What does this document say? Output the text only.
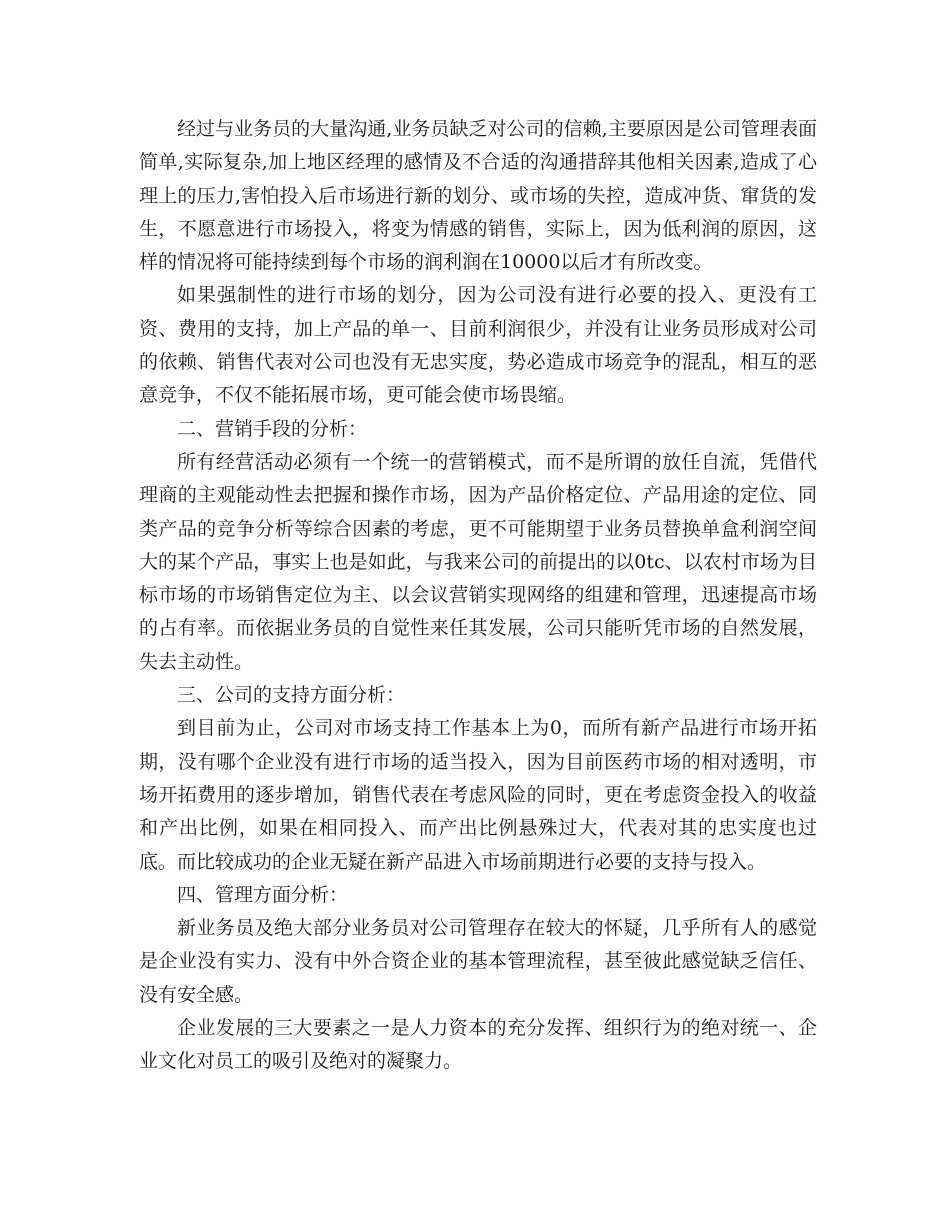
经过与业务员的大量沟通,业务员缺乏对公司的信赖,主要原因是公司管理表面简单,实际复杂,加上地区经理的感情及不合适的沟通措辞其他相关因素,造成了心理上的压力,害怕投入后市场进行新的划分、或市场的失控，造成冲货、窜货的发生，不愿意进行市场投入，将变为情感的销售，实际上，因为低利润的原因，这样的情况将可能持续到每个市场的润利润在10000以后才有所改变。

如果强制性的进行市场的划分，因为公司没有进行必要的投入、更没有工资、费用的支持，加上产品的单一、目前利润很少，并没有让业务员形成对公司的依赖、销售代表对公司也没有无忠实度，势必造成市场竞争的混乱，相互的恶意竞争，不仅不能拓展市场，更可能会使市场畏缩。

二、营销手段的分析：

所有经营活动必须有一个统一的营销模式，而不是所谓的放任自流，凭借代理商的主观能动性去把握和操作市场，因为产品价格定位、产品用途的定位、同类产品的竞争分析等综合因素的考虑，更不可能期望于业务员替换单盒利润空间大的某个产品，事实上也是如此，与我来公司的前提出的以0tc、以农村市场为目标市场的市场销售定位为主、以会议营销实现网络的组建和管理，迅速提高市场的占有率。而依据业务员的自觉性来任其发展，公司只能听凭市场的自然发展，失去主动性。

三、公司的支持方面分析：

到目前为止，公司对市场支持工作基本上为0，而所有新产品进行市场开拓期，没有哪个企业没有进行市场的适当投入，因为目前医药市场的相对透明，市场开拓费用的逐步增加，销售代表在考虑风险的同时，更在考虑资金投入的收益和产出比例，如果在相同投入、而产出比例悬殊过大，代表对其的忠实度也过底。而比较成功的企业无疑在新产品进入市场前期进行必要的支持与投入。

四、管理方面分析：

新业务员及绝大部分业务员对公司管理存在较大的怀疑，几乎所有人的感觉是企业没有实力、没有中外合资企业的基本管理流程，甚至彼此感觉缺乏信任、没有安全感。

企业发展的三大要素之一是人力资本的充分发挥、组织行为的绝对统一、企业文化对员工的吸引及绝对的凝聚力。
